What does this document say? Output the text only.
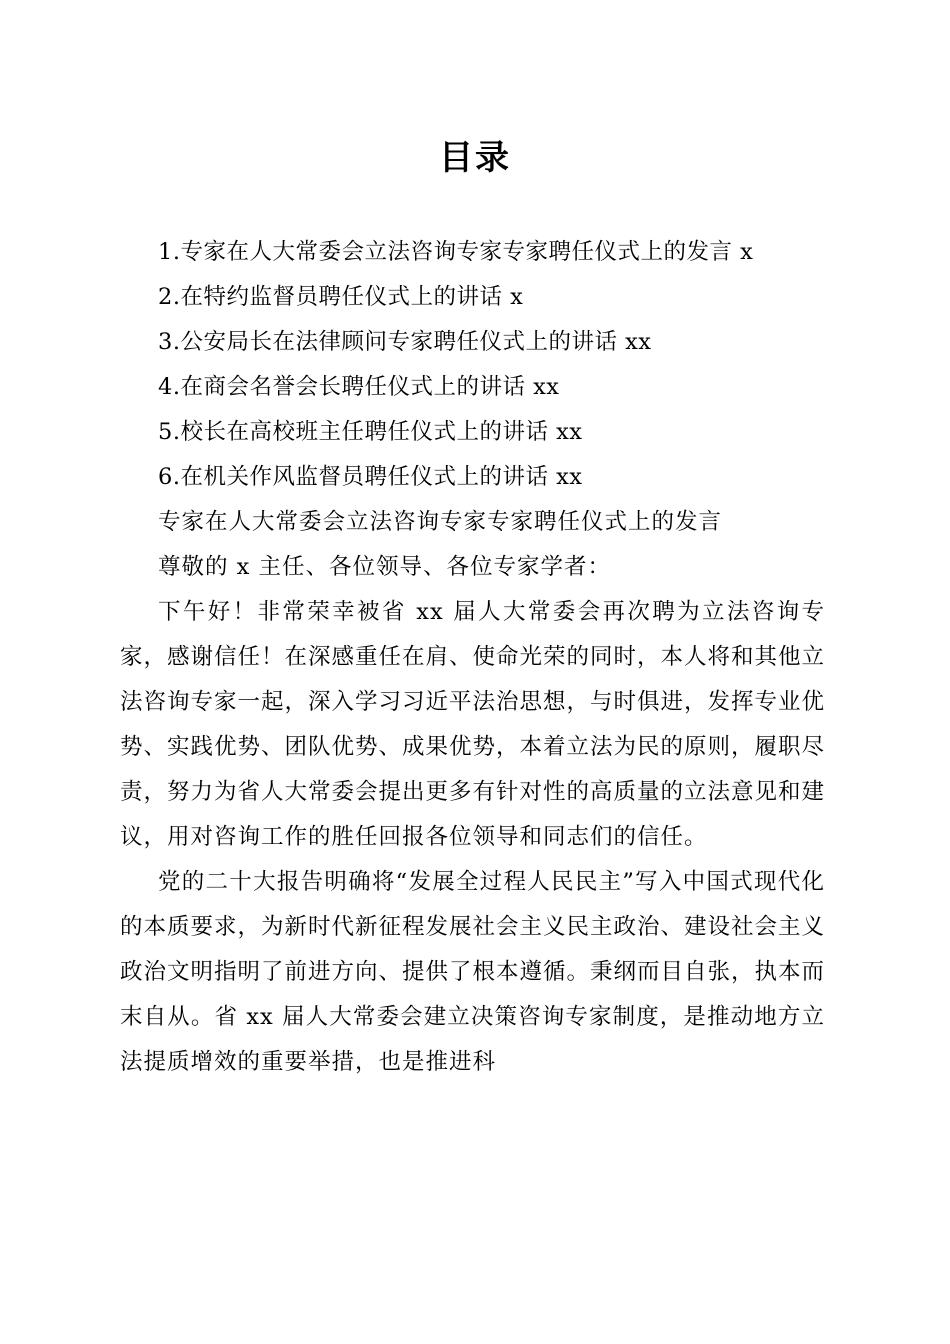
目录
1.专家在人大常委会立法咨询专家专家聘任仪式上的发言 x
2.在特约监督员聘任仪式上的讲话 x
3.公安局长在法律顾问专家聘任仪式上的讲话 xx
4.在商会名誉会长聘任仪式上的讲话 xx
5.校长在高校班主任聘任仪式上的讲话 xx
6.在机关作风监督员聘任仪式上的讲话 xx

专家在人大常委会立法咨询专家专家聘任仪式上的发言

尊敬的 x 主任、各位领导、各位专家学者：

下午好！非常荣幸被省 xx 届人大常委会再次聘为立法咨询专家，感谢信任！在深感重任在肩、使命光荣的同时，本人将和其他立法咨询专家一起，深入学习习近平法治思想，与时俱进，发挥专业优势、实践优势、团队优势、成果优势，本着立法为民的原则，履职尽责，努力为省人大常委会提出更多有针对性的高质量的立法意见和建议，用对咨询工作的胜任回报各位领导和同志们的信任。

党的二十大报告明确将“发展全过程人民民主”写入中国式现代化的本质要求，为新时代新征程发展社会主义民主政治、建设社会主义政治文明指明了前进方向、提供了根本遵循。秉纲而目自张，执本而末自从。省 xx 届人大常委会建立决策咨询专家制度，是推动地方立法提质增效的重要举措，也是推进科
